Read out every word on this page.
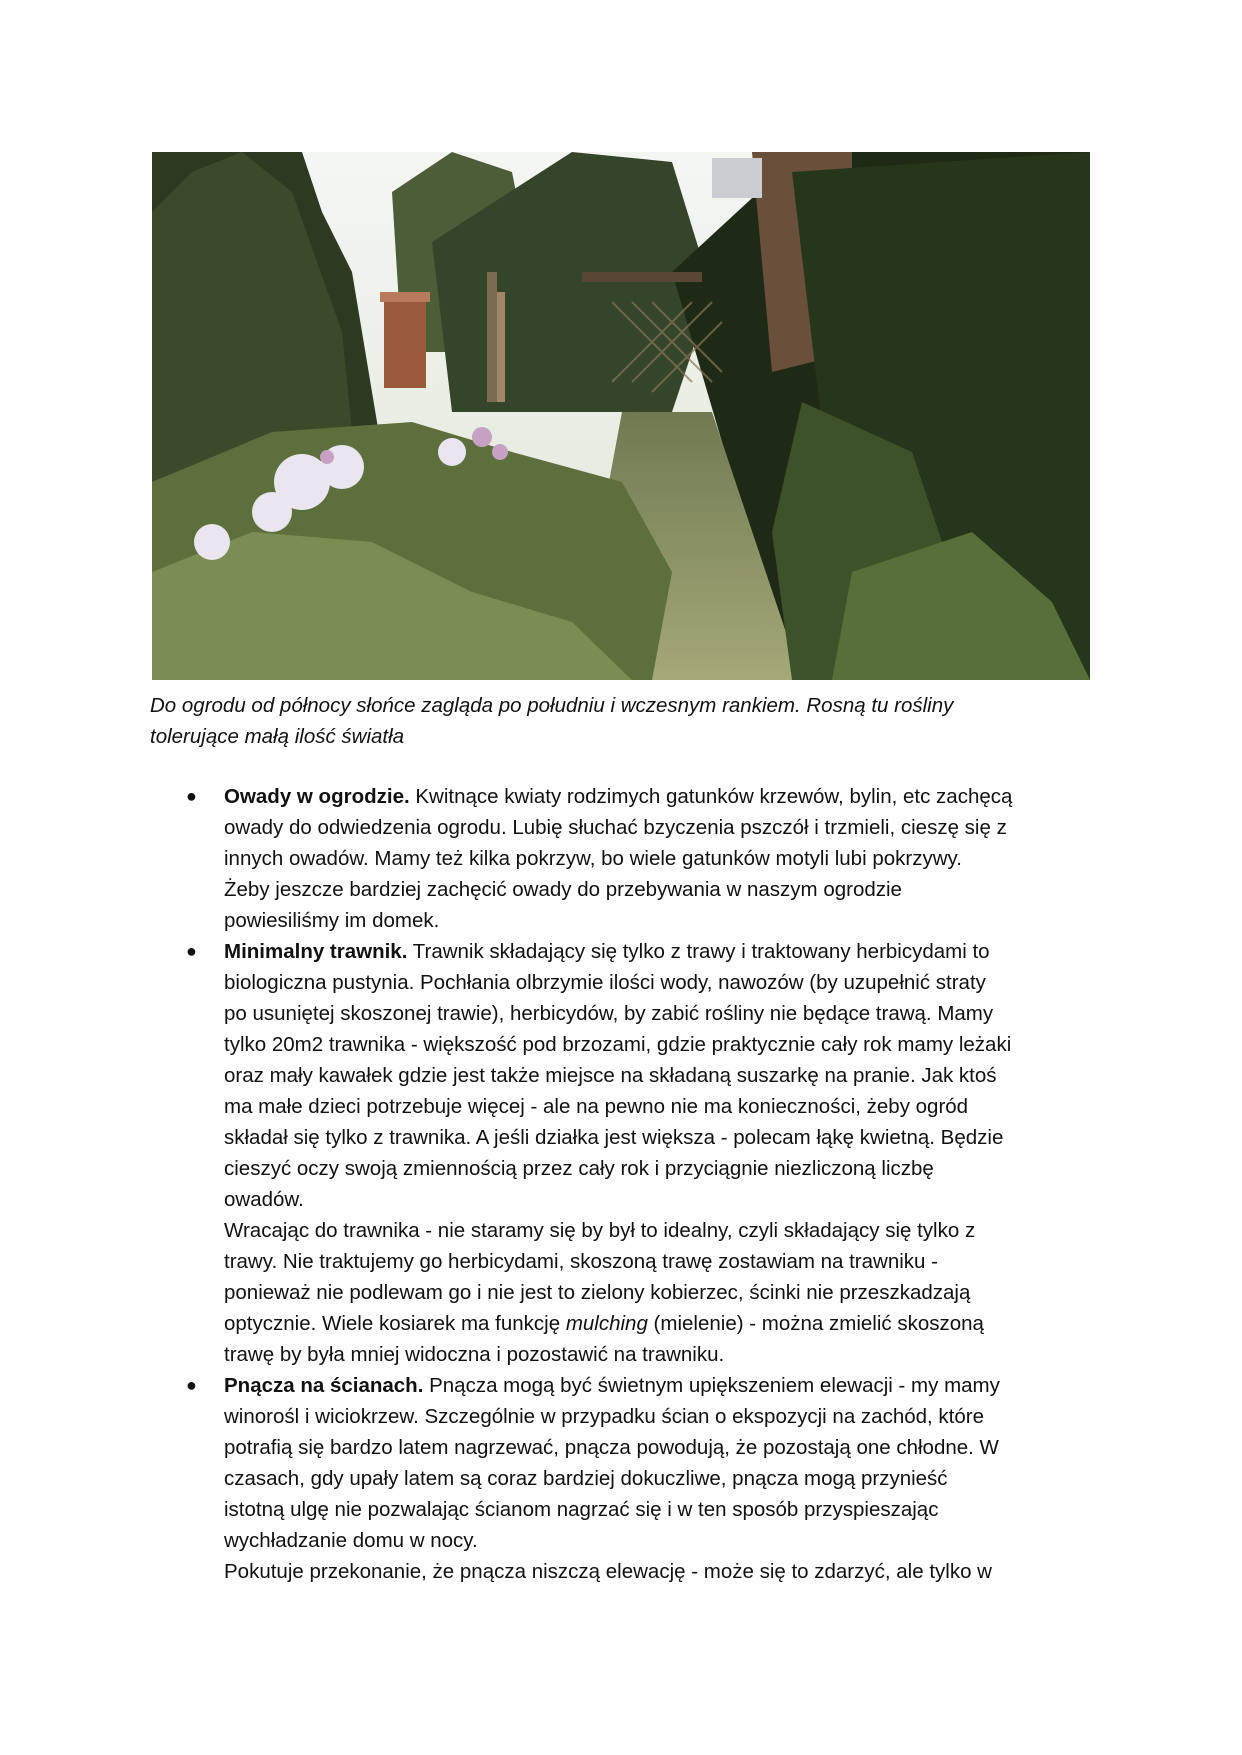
Do ogrodu od północy słońce zagląda po południu i wczesnym rankiem. Rosną tu rośliny
tolerujące małą ilość światła
● Owady w ogrodzie. Kwitnące kwiaty rodzimych gatunków krzewów, bylin, etc zachęcą
owady do odwiedzenia ogrodu. Lubię słuchać bzyczenia pszczół i trzmieli, cieszę się z
innych owadów. Mamy też kilka pokrzyw, bo wiele gatunków motyli lubi pokrzywy.
Żeby jeszcze bardziej zachęcić owady do przebywania w naszym ogrodzie
powiesiliśmy im domek.
● Minimalny trawnik. Trawnik składający się tylko z trawy i traktowany herbicydami to
biologiczna pustynia. Pochłania olbrzymie ilości wody, nawozów (by uzupełnić straty
po usuniętej skoszonej trawie), herbicydów, by zabić rośliny nie będące trawą. Mamy
tylko 20m2 trawnika - większość pod brzozami, gdzie praktycznie cały rok mamy leżaki
oraz mały kawałek gdzie jest także miejsce na składaną suszarkę na pranie. Jak ktoś
ma małe dzieci potrzebuje więcej - ale na pewno nie ma konieczności, żeby ogród
składał się tylko z trawnika. A jeśli działka jest większa - polecam łąkę kwietną. Będzie
cieszyć oczy swoją zmiennością przez cały rok i przyciągnie niezliczoną liczbę
owadów.
Wracając do trawnika - nie staramy się by był to idealny, czyli składający się tylko z
trawy. Nie traktujemy go herbicydami, skoszoną trawę zostawiam na trawniku -
ponieważ nie podlewam go i nie jest to zielony kobierzec, ścinki nie przeszkadzają
optycznie. Wiele kosiarek ma funkcję mulching (mielenie) - można zmielić skoszoną
trawę by była mniej widoczna i pozostawić na trawniku.
● Pnącza na ścianach. Pnącza mogą być świetnym upiększeniem elewacji - my mamy
winorośl i wiciokrzew. Szczególnie w przypadku ścian o ekspozycji na zachód, które
potrafią się bardzo latem nagrzewać, pnącza powodują, że pozostają one chłodne. W
czasach, gdy upały latem są coraz bardziej dokuczliwe, pnącza mogą przynieść
istotną ulgę nie pozwalając ścianom nagrzać się i w ten sposób przyspieszając
wychładzanie domu w nocy.
Pokutuje przekonanie, że pnącza niszczą elewację - może się to zdarzyć, ale tylko w
